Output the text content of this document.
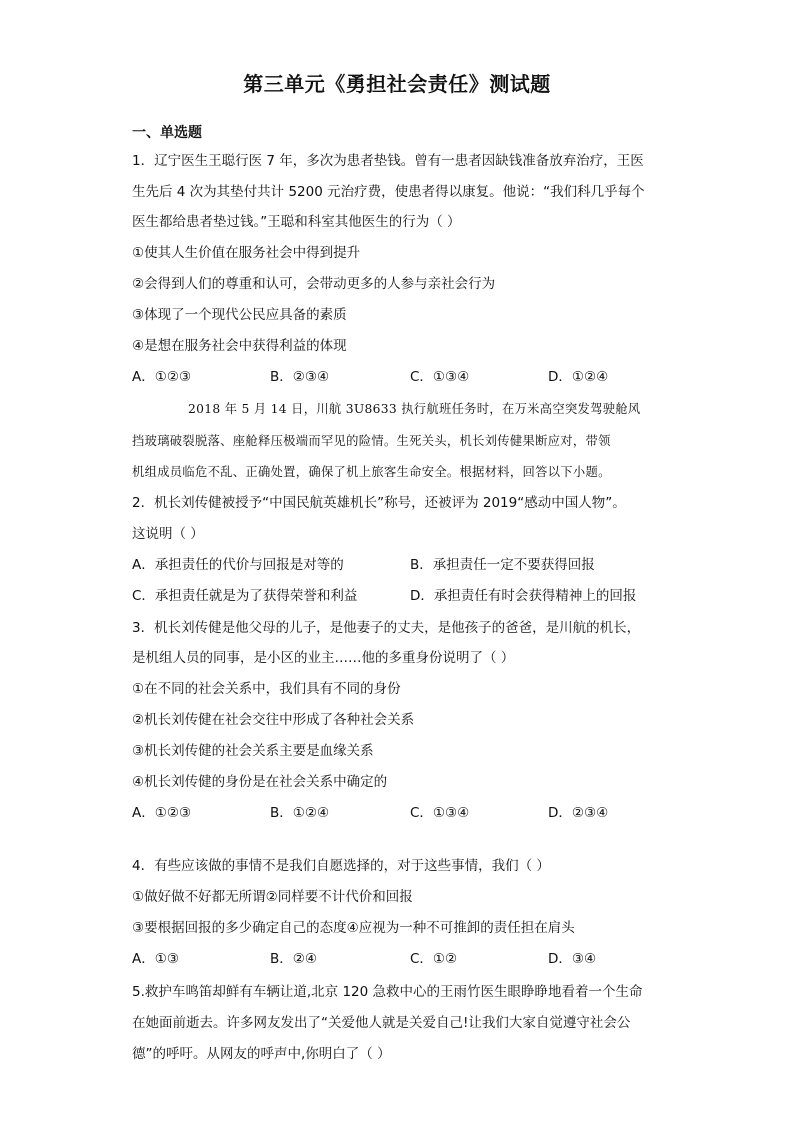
第三单元《勇担社会责任》测试题
一、单选题
1．辽宁医生王聪行医 7 年，多次为患者垫钱。曾有一患者因缺钱准备放弃治疗，王医
生先后 4 次为其垫付共计 5200 元治疗费，使患者得以康复。他说：“我们科几乎每个
医生都给患者垫过钱。”王聪和科室其他医生的行为（ ）
①使其人生价值在服务社会中得到提升
②会得到人们的尊重和认可，会带动更多的人参与亲社会行为
③体现了一个现代公民应具备的素质
④是想在服务社会中获得利益的体现
A．①②③	B．②③④	C．①③④	D．①②④
2018 年 5 月 14 日，川航 3U8633 执行航班任务时，在万米高空突发驾驶舱风
挡玻璃破裂脱落、座舱释压极端而罕见的险情。生死关头，机长刘传健果断应对，带领
机组成员临危不乱、正确处置，确保了机上旅客生命安全。根据材料，回答以下小题。
2．机长刘传健被授予“中国民航英雄机长”称号，还被评为 2019“感动中国人物”。
这说明（ ）
A．承担责任的代价与回报是对等的	B．承担责任一定不要获得回报
C．承担责任就是为了获得荣誉和利益	D．承担责任有时会获得精神上的回报
3．机长刘传健是他父母的儿子，是他妻子的丈夫，是他孩子的爸爸，是川航的机长，
是机组人员的同事，是小区的业主……他的多重身份说明了（ ）
①在不同的社会关系中，我们具有不同的身份
②机长刘传健在社会交往中形成了各种社会关系
③机长刘传健的社会关系主要是血缘关系
④机长刘传健的身份是在社会关系中确定的
A．①②③	B．①②④	C．①③④	D．②③④
4．有些应该做的事情不是我们自愿选择的，对于这些事情，我们（ ）
①做好做不好都无所谓②同样要不计代价和回报
③要根据回报的多少确定自己的态度④应视为一种不可推卸的责任担在肩头
A．①③	B．②④	C．①②	D．③④
5.救护车鸣笛却鲜有车辆让道,北京 120 急救中心的王雨竹医生眼睁睁地看着一个生命
在她面前逝去。许多网友发出了“关爱他人就是关爱自己!让我们大家自觉遵守社会公
德”的呼吁。从网友的呼声中,你明白了（ ）
